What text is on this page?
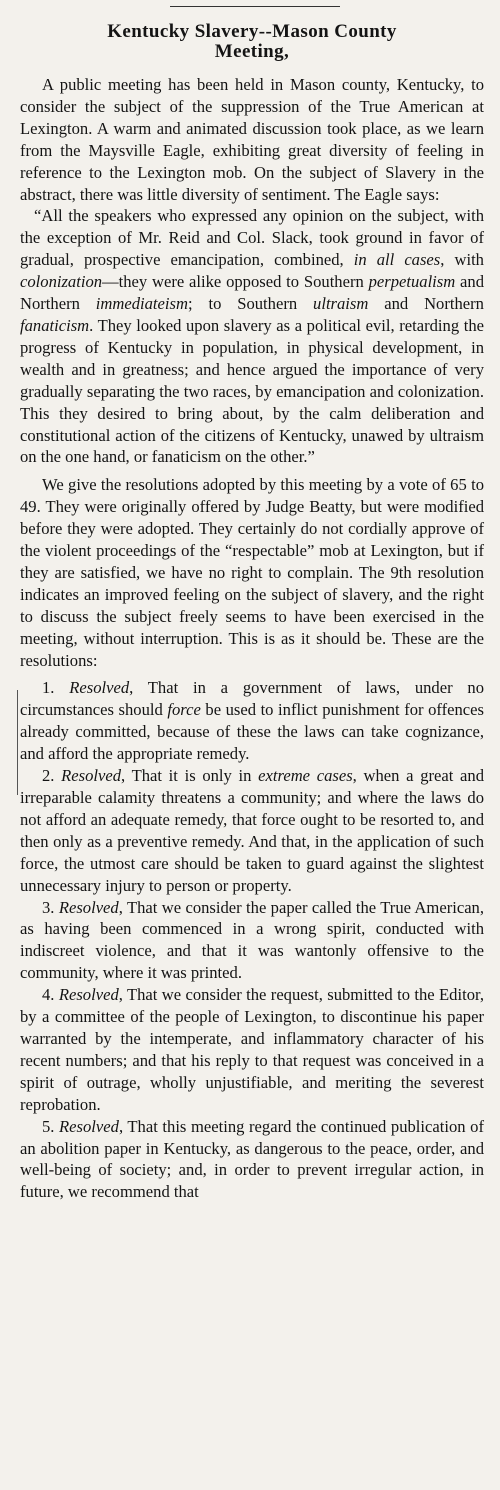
Kentucky Slavery--Mason County
Meeting,

A public meeting has been held in Mason county, Kentucky, to consider the subject of the suppression of the True American at Lexington. A warm and animated discussion took place, as we learn from the Maysville Eagle, exhibiting great diversity of feeling in reference to the Lexington mob. On the subject of Slavery in the abstract, there was little diversity of sentiment. The Eagle says:

“All the speakers who expressed any opinion on the subject, with the exception of Mr. Reid and Col. Slack, took ground in favor of gradual, prospective emancipation, combined, in all cases, with colonization—they were alike opposed to Southern perpetualism and Northern immediateism; to Southern ultraism and Northern fanaticism. They looked upon slavery as a political evil, retarding the progress of Kentucky in population, in physical development, in wealth and in greatness; and hence argued the importance of very gradually separating the two races, by emancipation and colonization. This they desired to bring about, by the calm deliberation and constitutional action of the citizens of Kentucky, unawed by ultraism on the one hand, or fanaticism on the other.”

We give the resolutions adopted by this meeting by a vote of 65 to 49. They were originally offered by Judge Beatty, but were modified before they were adopted. They certainly do not cordially approve of the violent proceedings of the “respectable” mob at Lexington, but if they are satisfied, we have no right to complain. The 9th resolution indicates an improved feeling on the subject of slavery, and the right to discuss the subject freely seems to have been exercised in the meeting, without interruption. This is as it should be. These are the resolutions:

1. Resolved, That in a government of laws, under no circumstances should force be used to inflict punishment for offences already committed, because of these the laws can take cognizance, and afford the appropriate remedy.

2. Resolved, That it is only in extreme cases, when a great and irreparable calamity threatens a community; and where the laws do not afford an adequate remedy, that force ought to be resorted to, and then only as a preventive remedy. And that, in the application of such force, the utmost care should be taken to guard against the slightest unnecessary injury to person or property.

3. Resolved, That we consider the paper called the True American, as having been commenced in a wrong spirit, conducted with indiscreet violence, and that it was wantonly offensive to the community, where it was printed.

4. Resolved, That we consider the request, submitted to the Editor, by a committee of the people of Lexington, to discontinue his paper warranted by the intemperate, and inflammatory character of his recent numbers; and that his reply to that request was conceived in a spirit of outrage, wholly unjustifiable, and meriting the severest reprobation.

5. Resolved, That this meeting regard the continued publication of an abolition paper in Kentucky, as dangerous to the peace, order, and well-being of society; and, in order to prevent irregular action, in future, we recommend that
